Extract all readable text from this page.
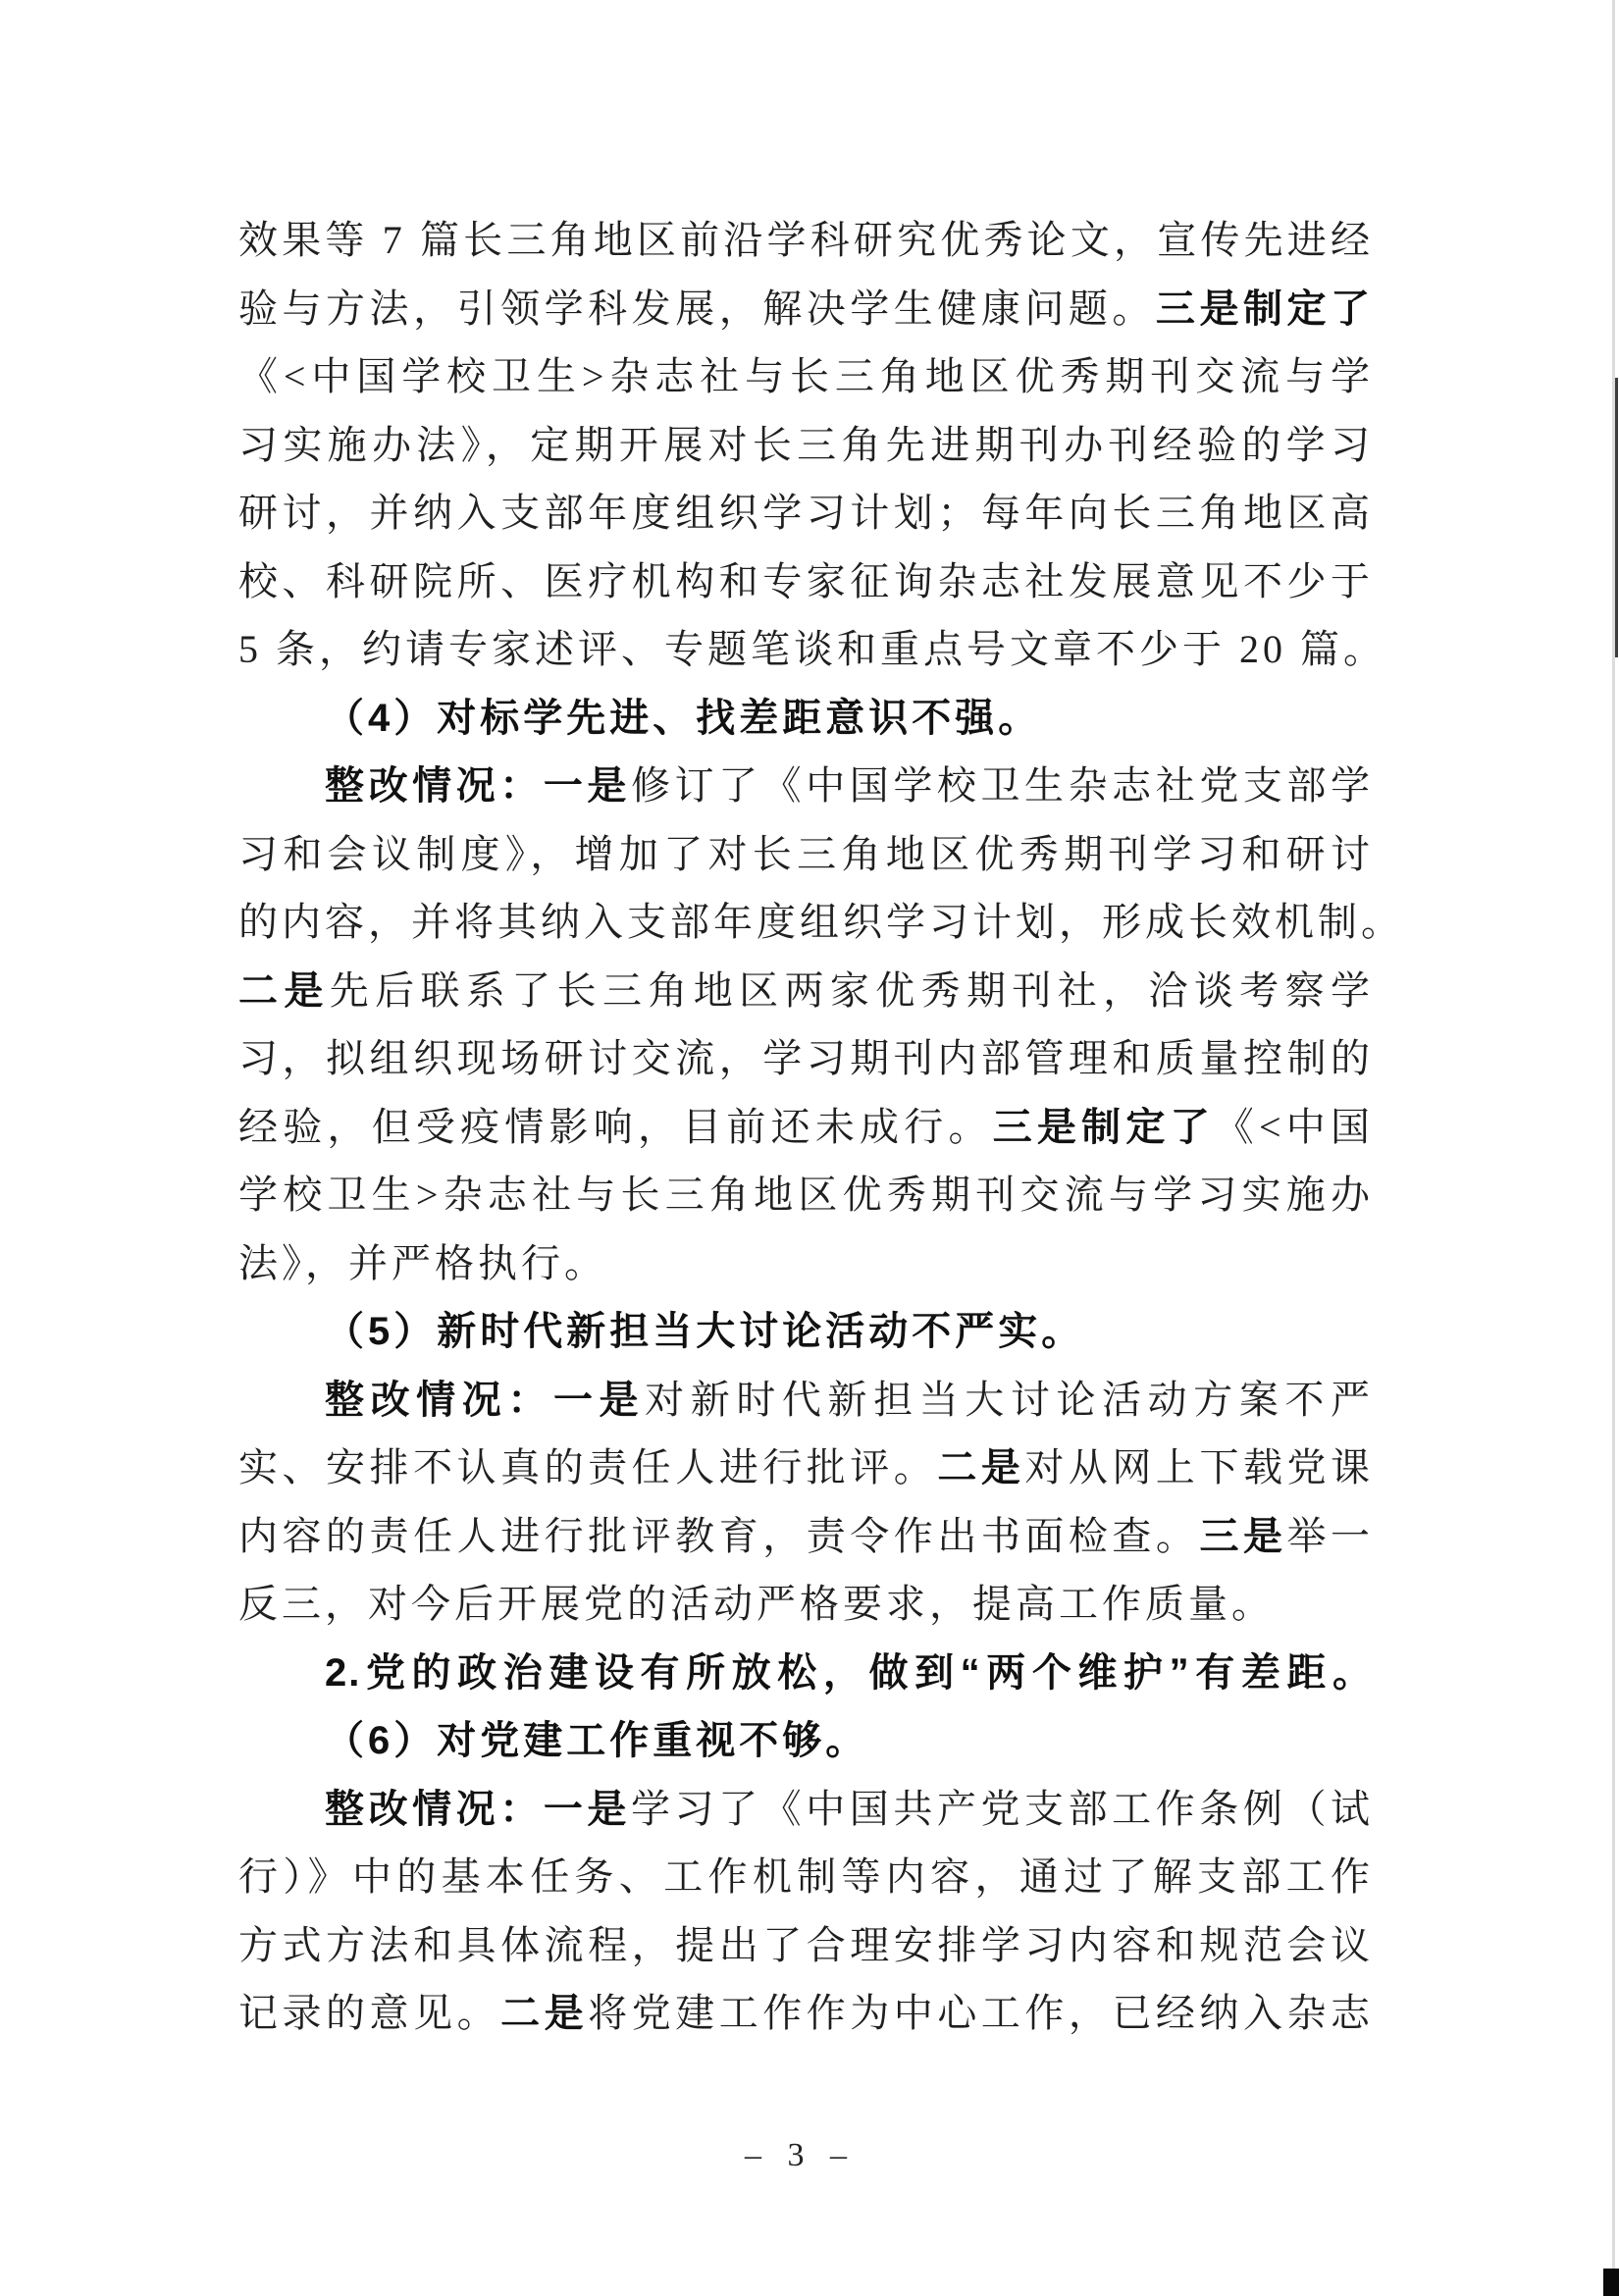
效果等 7 篇长三角地区前沿学科研究优秀论文，宣传先进经
验与方法，引领学科发展，解决学生健康问题。三是制定了
《<中国学校卫生>杂志社与长三角地区优秀期刊交流与学
习实施办法》，定期开展对长三角先进期刊办刊经验的学习
研讨，并纳入支部年度组织学习计划；每年向长三角地区高
校、科研院所、医疗机构和专家征询杂志社发展意见不少于
5 条，约请专家述评、专题笔谈和重点号文章不少于 20 篇。
（4）对标学先进、找差距意识不强。
整改情况：一是修订了《中国学校卫生杂志社党支部学
习和会议制度》，增加了对长三角地区优秀期刊学习和研讨
的内容，并将其纳入支部年度组织学习计划，形成长效机制。
二是先后联系了长三角地区两家优秀期刊社，洽谈考察学
习，拟组织现场研讨交流，学习期刊内部管理和质量控制的
经验，但受疫情影响，目前还未成行。三是制定了《<中国
学校卫生>杂志社与长三角地区优秀期刊交流与学习实施办
法》，并严格执行。
（5）新时代新担当大讨论活动不严实。
整改情况：一是对新时代新担当大讨论活动方案不严
实、安排不认真的责任人进行批评。二是对从网上下载党课
内容的责任人进行批评教育，责令作出书面检查。三是举一
反三，对今后开展党的活动严格要求，提高工作质量。
2.党的政治建设有所放松，做到“两个维护”有差距。
（6）对党建工作重视不够。
整改情况：一是学习了《中国共产党支部工作条例（试
行）》中的基本任务、工作机制等内容，通过了解支部工作
方式方法和具体流程，提出了合理安排学习内容和规范会议
记录的意见。二是将党建工作作为中心工作，已经纳入杂志
– 3 –
